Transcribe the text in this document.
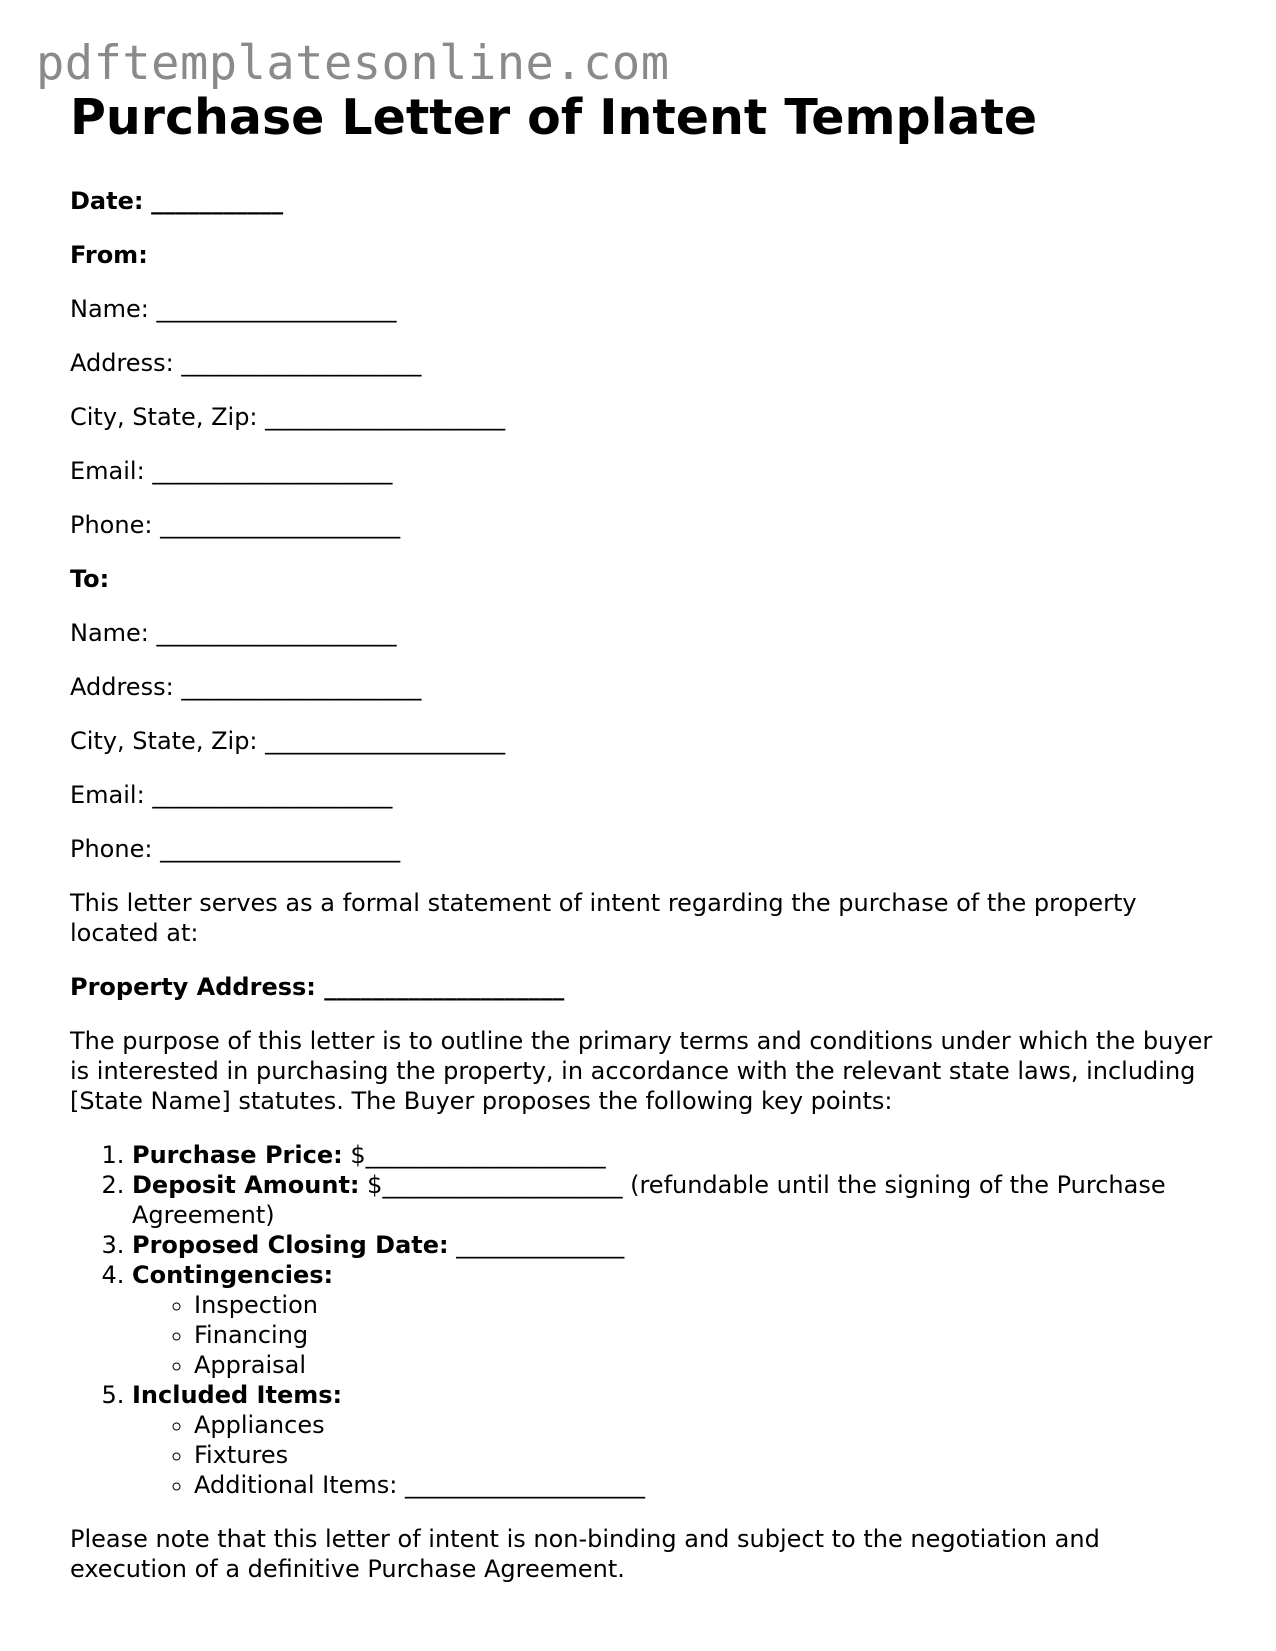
pdftemplatesonline.com
Purchase Letter of Intent Template

Date: ___________

From:

Name: ____________________

Address: ____________________

City, State, Zip: ____________________

Email: ____________________

Phone: ____________________

To:

Name: ____________________

Address: ____________________

City, State, Zip: ____________________

Email: ____________________

Phone: ____________________

This letter serves as a formal statement of intent regarding the purchase of the property located at:

Property Address: ____________________

The purpose of this letter is to outline the primary terms and conditions under which the buyer is interested in purchasing the property, in accordance with the relevant state laws, including [State Name] statutes. The Buyer proposes the following key points:

1. Purchase Price: $____________________
2. Deposit Amount: $____________________ (refundable until the signing of the Purchase Agreement)
3. Proposed Closing Date: ______________
4. Contingencies:
◦ Inspection
◦ Financing
◦ Appraisal
5. Included Items:
◦ Appliances
◦ Fixtures
◦ Additional Items: ____________________

Please note that this letter of intent is non-binding and subject to the negotiation and execution of a definitive Purchase Agreement.
